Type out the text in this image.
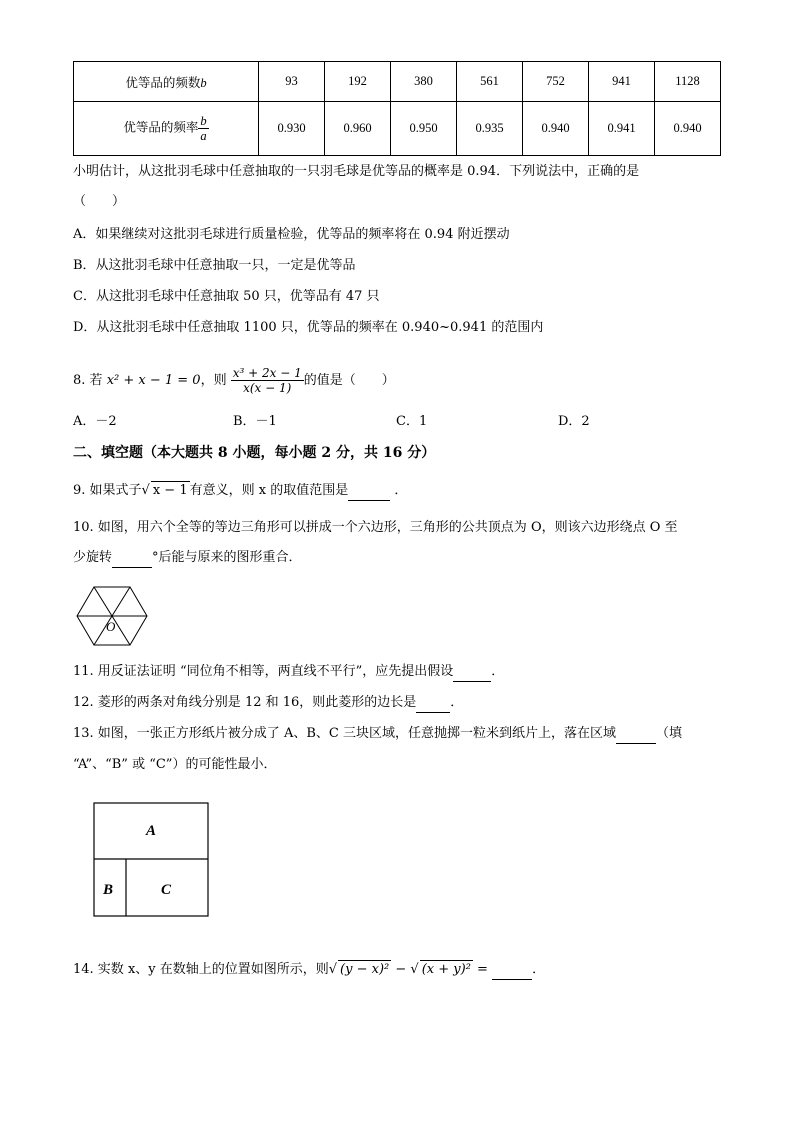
优等品的频数b	93	192	380	561	752	941	1128
优等品的频率 $\frac{b}{a}$	0.930	0.960	0.950	0.935	0.940	0.941	0.940
小明估计，从这批羽毛球中任意抽取的一只羽毛球是优等品的概率是 0.94．下列说法中，正确的是
（　　）
A．如果继续对这批羽毛球进行质量检验，优等品的频率将在 0.94 附近摆动
B．从这批羽毛球中任意抽取一只，一定是优等品
C．从这批羽毛球中任意抽取 50 只，优等品有 47 只
D．从这批羽毛球中任意抽取 1100 只，优等品的频率在 0.940~0.941 的范围内
8. 若 x² + x − 1 = 0，则 $\frac{\text{x³ + 2x − 1}}{x(x - 1)}$ 的值是（　　）
A．－2	B．－1	C．1	D．2
二、填空题（本大题共 8 小题，每小题 2 分，共 16 分）
9. 如果式子√ x − 1 有意义，则 x 的取值范围是	．
10. 如图，用六个全等的等边三角形可以拼成一个六边形，三角形的公共顶点为 O，则该六边形绕点 O 至
少旋转	°后能与原来的图形重合．
O
11. 用反证法证明 “同位角不相等，两直线不平行”，应先提出假设	．
12. 菱形的两条对角线分别是 12 和 16，则此菱形的边长是	．
13. 如图，一张正方形纸片被分成了 A、B、C 三块区域，任意抛掷一粒米到纸片上，落在区域	（填
“A”、“B” 或 “C”）的可能性最小．
A
B	C
14. 实数 x、y 在数轴上的位置如图所示，则√ (y − x)² − √ (x + y)² =	．
